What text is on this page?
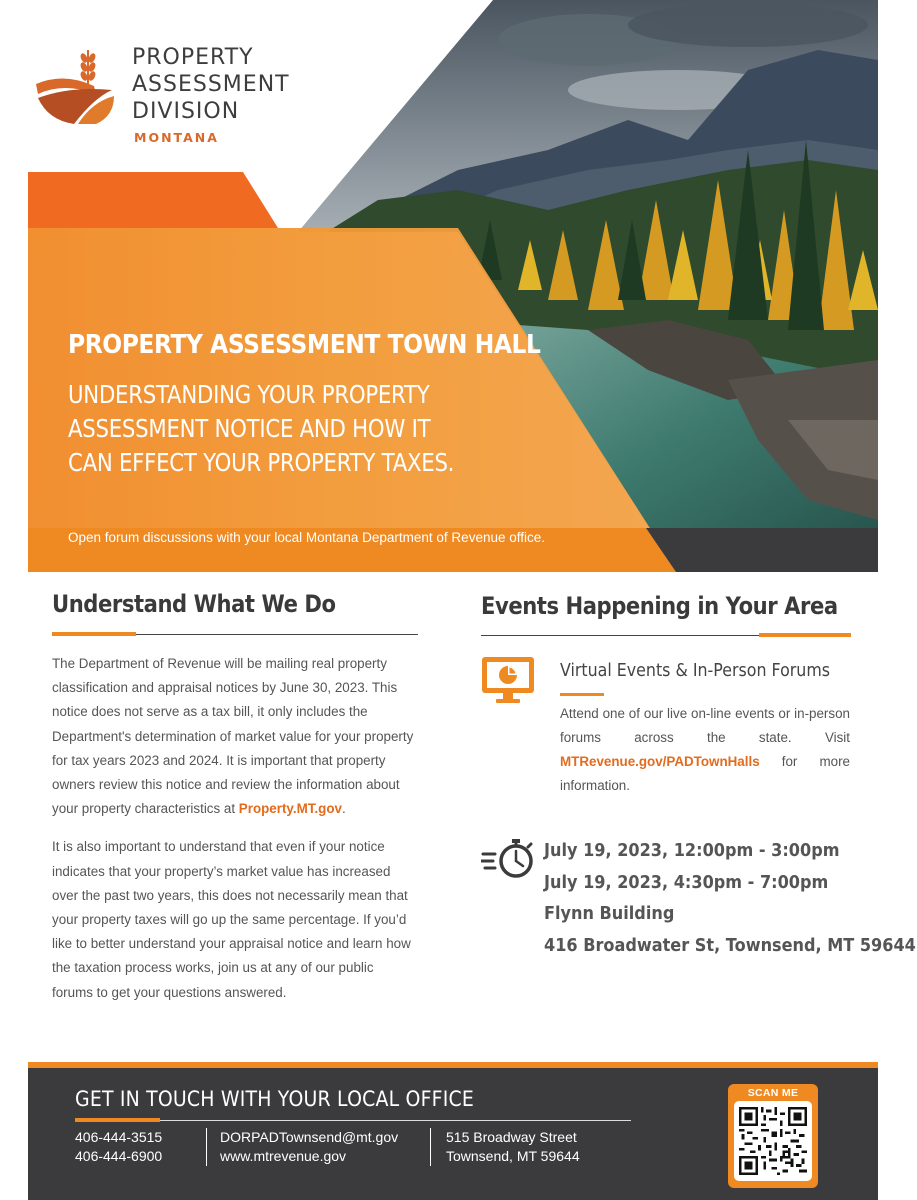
PROPERTY
ASSESSMENT
DIVISION
MONTANA
PROPERTY ASSESSMENT TOWN HALL
UNDERSTANDING YOUR PROPERTY
ASSESSMENT NOTICE AND HOW IT
CAN EFFECT YOUR PROPERTY TAXES.
Open forum discussions with your local Montana Department of Revenue office.
Understand What We Do

The Department of Revenue will be mailing real property classification and appraisal notices by June 30, 2023. This notice does not serve as a tax bill, it only includes the Department's determination of market value for your property for tax years 2023 and 2024. It is important that property owners review this notice and review the information about your property characteristics at Property.MT.gov.

It is also important to understand that even if your notice indicates that your property’s market value has increased over the past two years, this does not necessarily mean that your property taxes will go up the same percentage. If you’d like to better understand your appraisal notice and learn how the taxation process works, join us at any of our public forums to get your questions answered.

Events Happening in Your Area
Virtual Events & In-Person Forums

Attend one of our live on-line events or in-person forums across the state. Visit MTRevenue.gov/PADTownHalls for more information.

July 19, 2023, 12:00pm - 3:00pm
July 19, 2023, 4:30pm - 7:00pm
Flynn Building
416 Broadwater St, Townsend, MT 59644
GET IN TOUCH WITH YOUR LOCAL OFFICE
406-444-3515
406-444-6900
DORPADTownsend@mt.gov
www.mtrevenue.gov
515 Broadway Street
Townsend, MT 59644
SCAN ME
